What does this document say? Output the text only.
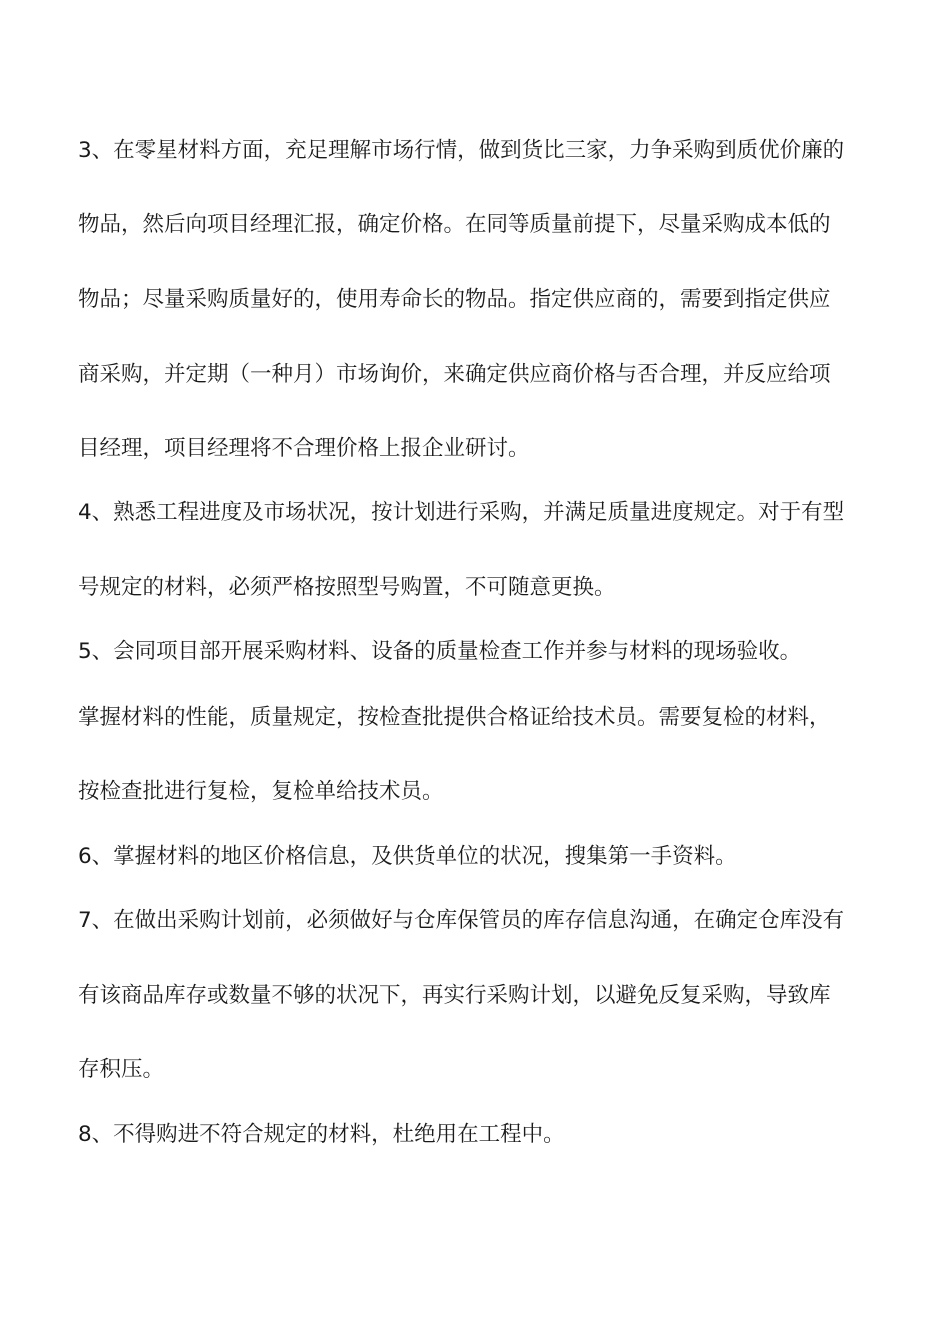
3、在零星材料方面，充足理解市场行情，做到货比三家，力争采购到质优价廉的
物品，然后向项目经理汇报，确定价格。在同等质量前提下，尽量采购成本低的
物品；尽量采购质量好的，使用寿命长的物品。指定供应商的，需要到指定供应
商采购，并定期（一种月）市场询价，来确定供应商价格与否合理，并反应给项
目经理，项目经理将不合理价格上报企业研讨。
4、熟悉工程进度及市场状况，按计划进行采购，并满足质量进度规定。对于有型
号规定的材料，必须严格按照型号购置，不可随意更换。
5、会同项目部开展采购材料、设备的质量检查工作并参与材料的现场验收。
掌握材料的性能，质量规定，按检查批提供合格证给技术员。需要复检的材料，
按检查批进行复检，复检单给技术员。
6、掌握材料的地区价格信息，及供货单位的状况，搜集第一手资料。
7、在做出采购计划前，必须做好与仓库保管员的库存信息沟通，在确定仓库没有
有该商品库存或数量不够的状况下，再实行采购计划，以避免反复采购，导致库
存积压。
8、不得购进不符合规定的材料，杜绝用在工程中。
